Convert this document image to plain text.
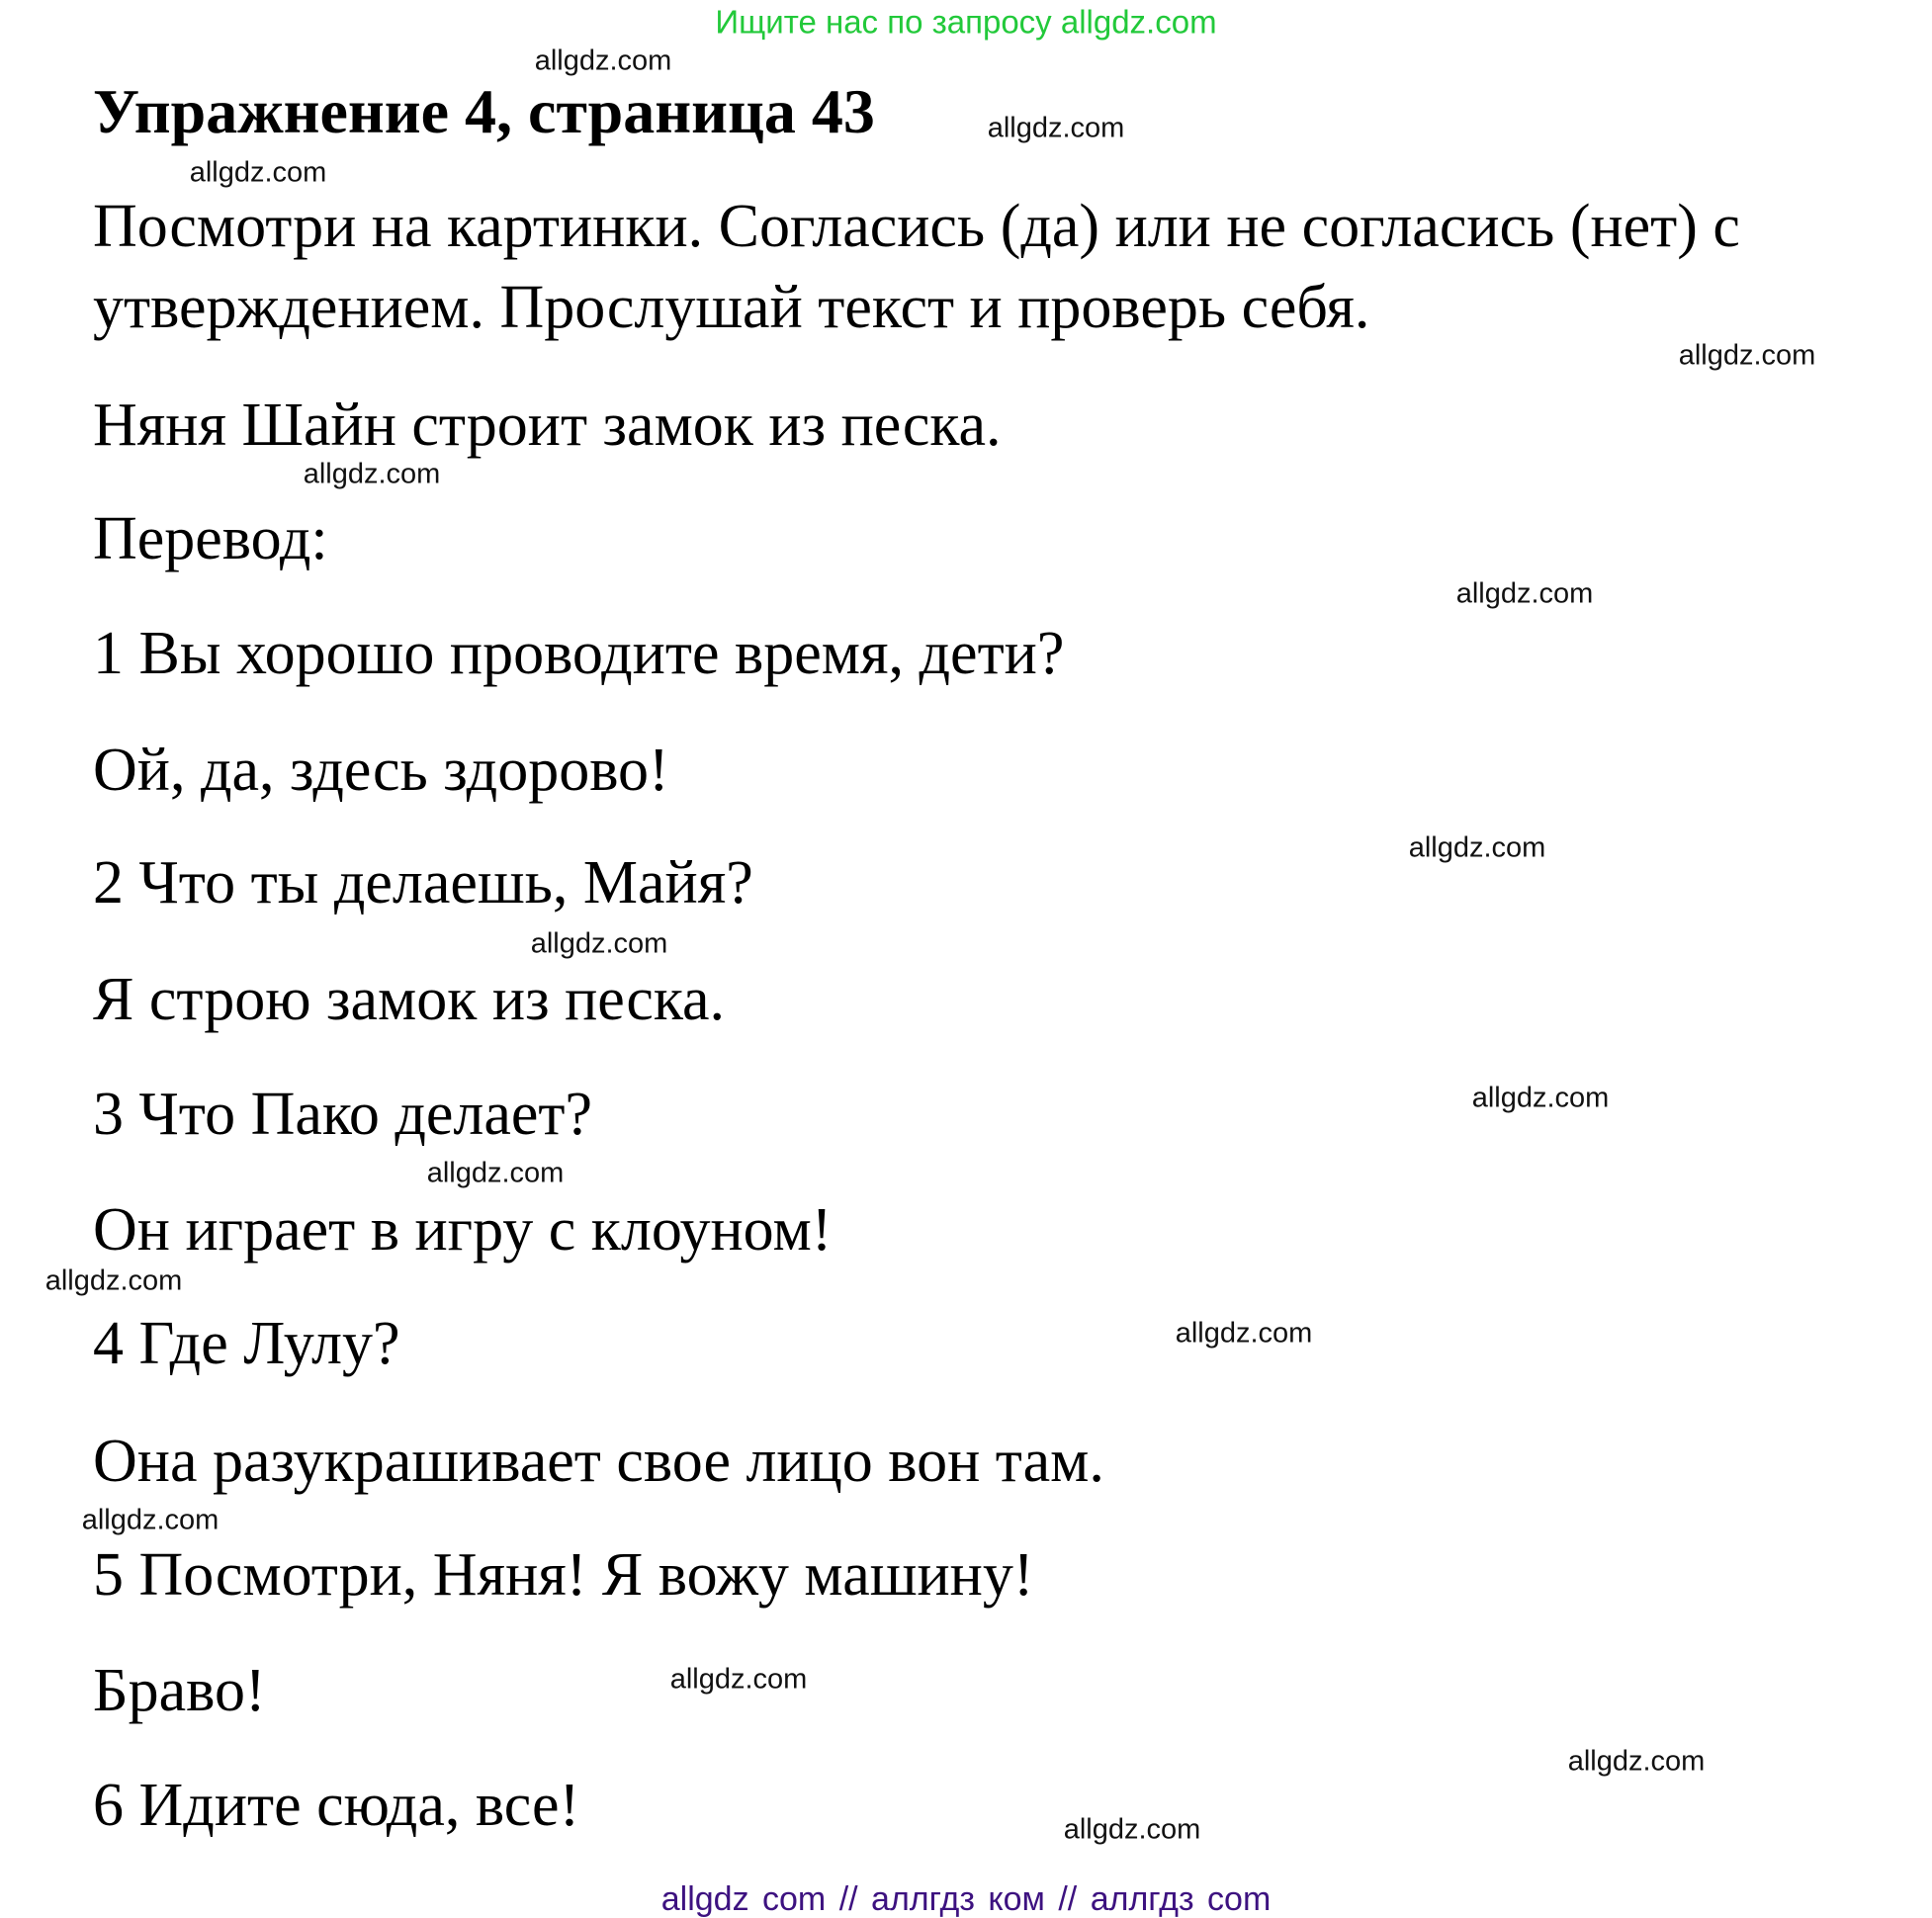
Ищите нас по запросу allgdz.com
Упражнение 4, страница 43
Посмотри на картинки. Согласись (да) или не согласись (нет) с
утверждением. Прослушай текст и проверь себя.
Няня Шайн строит замок из песка.
Перевод:
1 Вы хорошо проводите время, дети?
Ой, да, здесь здорово!
2 Что ты делаешь, Майя?
Я строю замок из песка.
3 Что Пако делает?
Он играет в игру с клоуном!
4 Где Лулу?
Она разукрашивает свое лицо вон там.
5 Посмотри, Няня! Я вожу машину!
Браво!
6 Идите сюда, все!
allgdz.com
allgdz.com
allgdz.com
allgdz.com
allgdz.com
allgdz.com
allgdz.com
allgdz.com
allgdz.com
allgdz.com
allgdz.com
allgdz.com
allgdz.com
allgdz.com
allgdz.com
allgdz.com
allgdz com // аллгдз ком // аллгдз com
